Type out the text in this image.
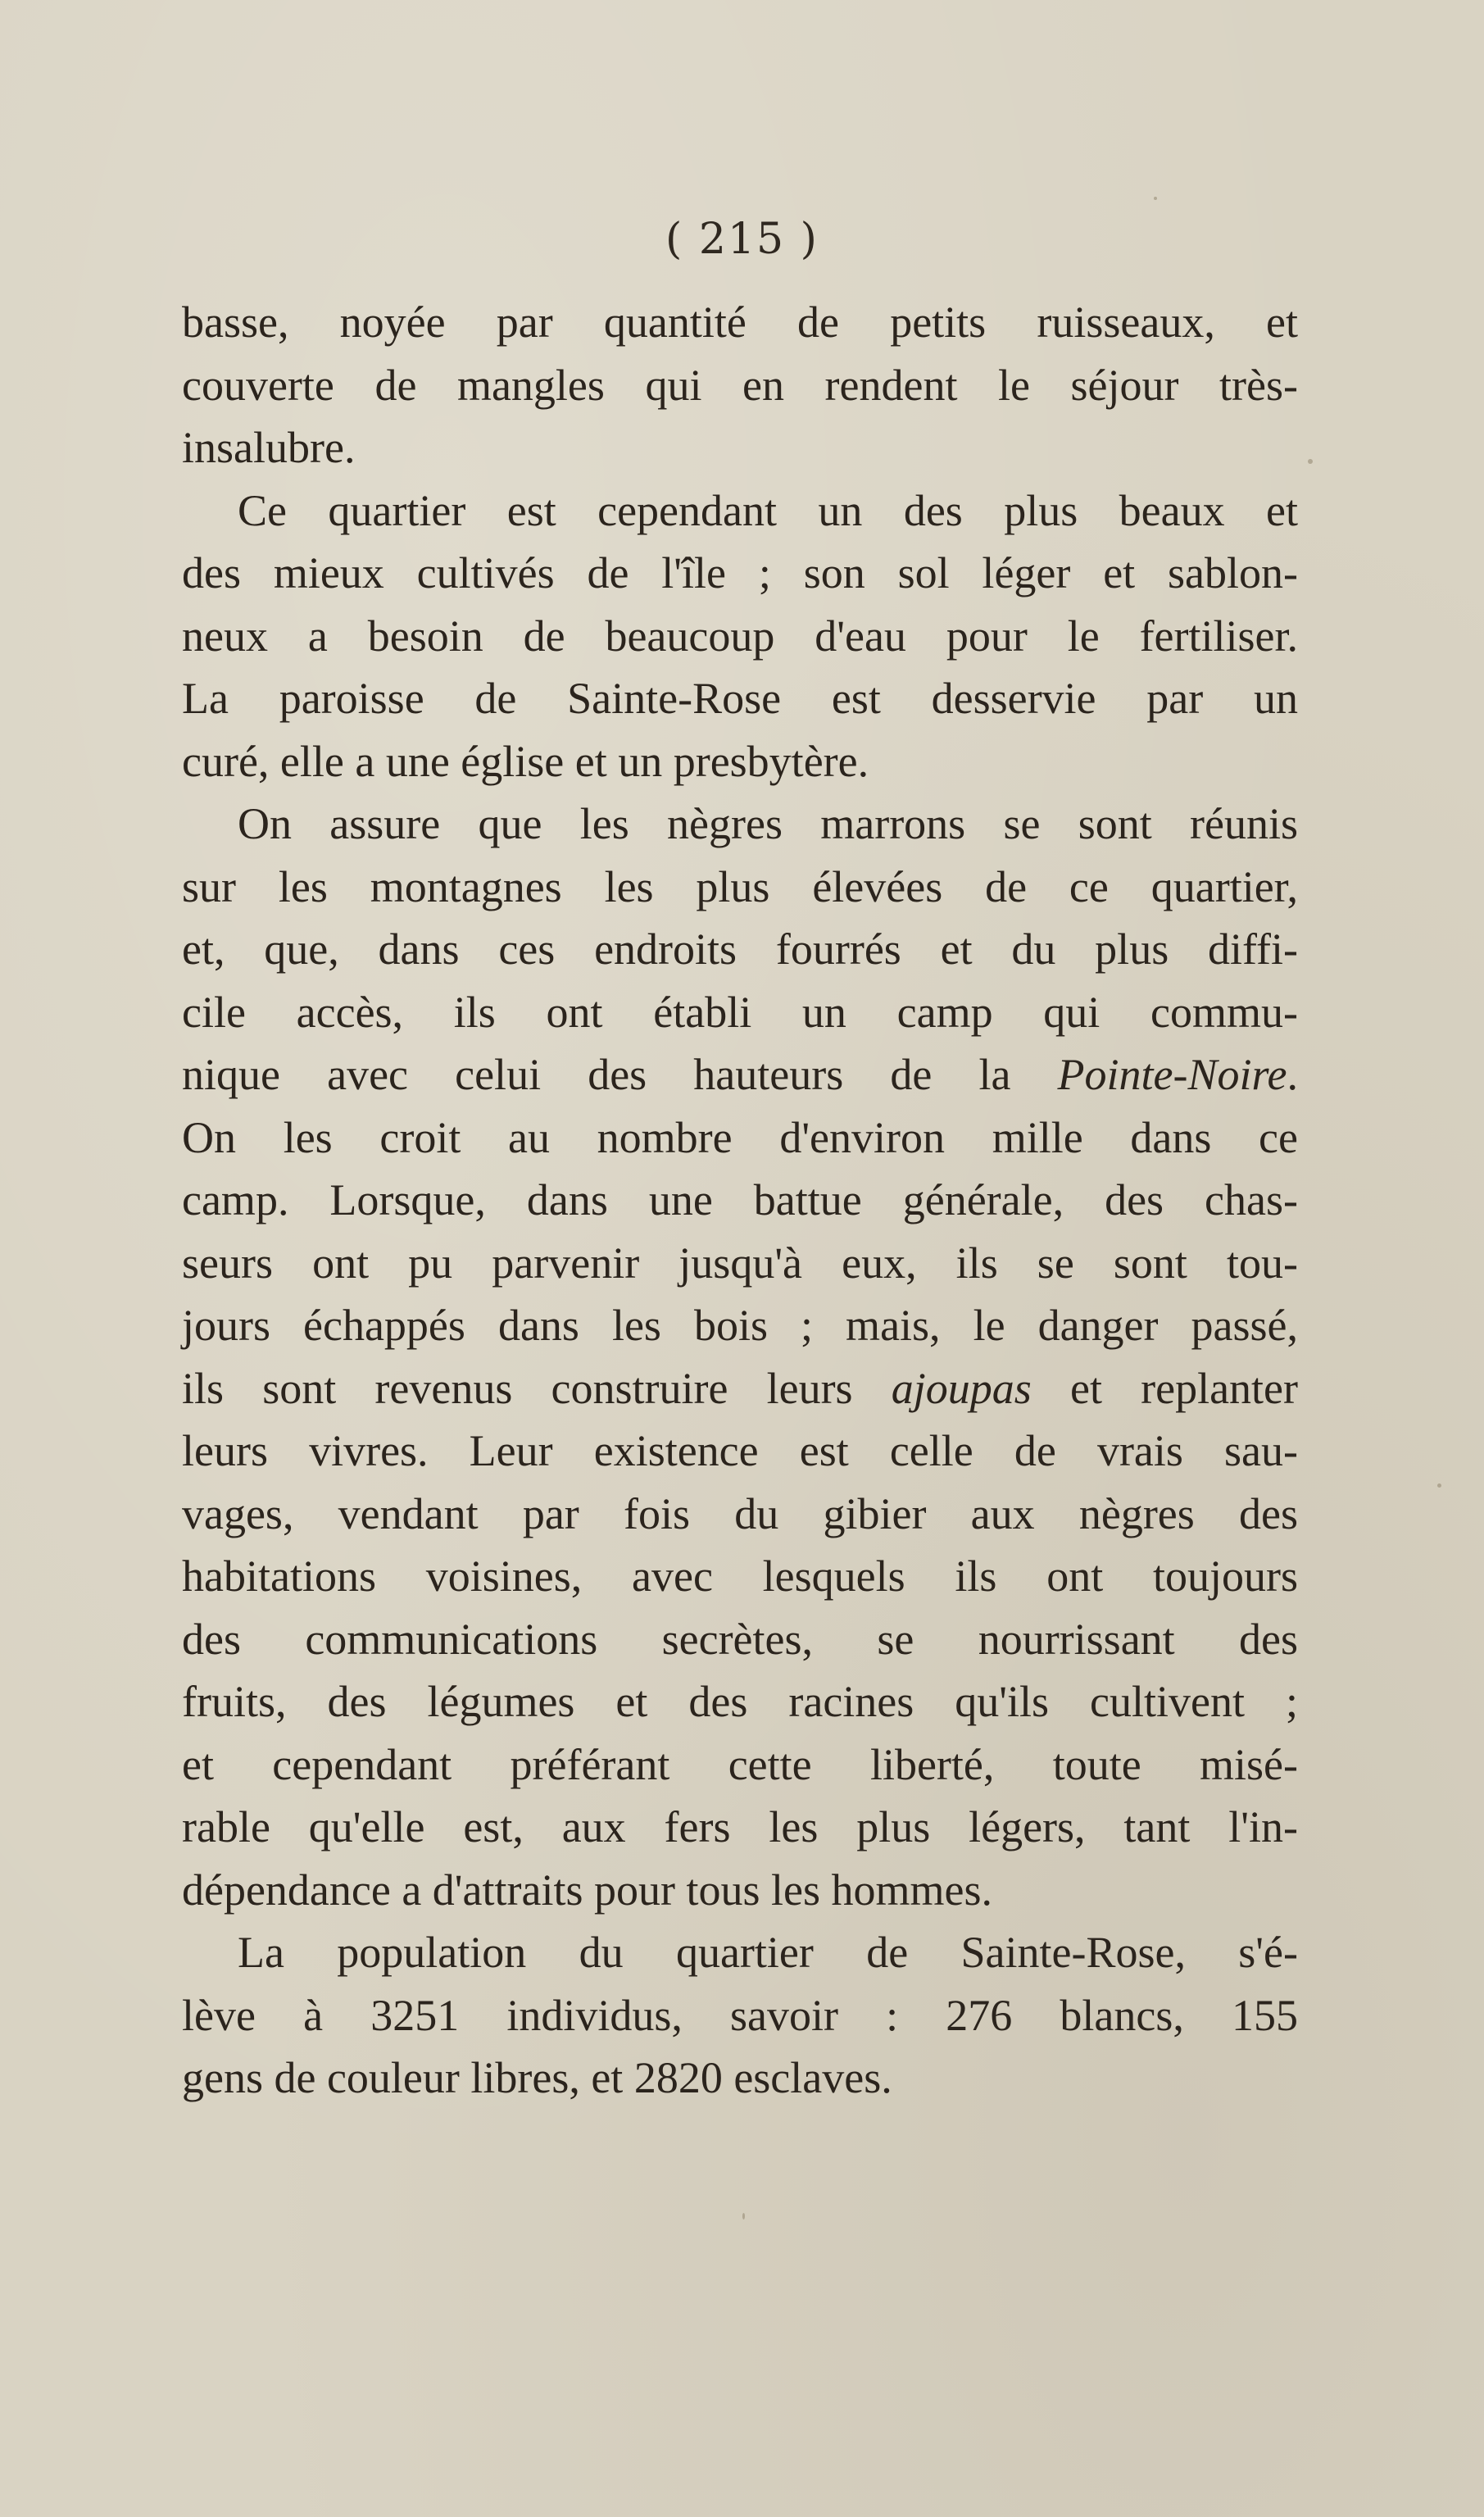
( 215 )
basse, noyée par quantité de petits ruisseaux, et
couverte de mangles qui en rendent le séjour très-
insalubre.
Ce quartier est cependant un des plus beaux et
des mieux cultivés de l'île ; son sol léger et sablon-
neux a besoin de beaucoup d'eau pour le fertiliser.
La paroisse de Sainte-Rose est desservie par un
curé, elle a une église et un presbytère.
On assure que les nègres marrons se sont réunis
sur les montagnes les plus élevées de ce quartier,
et, que, dans ces endroits fourrés et du plus diffi-
cile accès, ils ont établi un camp qui commu-
nique avec celui des hauteurs de la Pointe-Noire.
On les croit au nombre d'environ mille dans ce
camp. Lorsque, dans une battue générale, des chas-
seurs ont pu parvenir jusqu'à eux, ils se sont tou-
jours échappés dans les bois ; mais, le danger passé,
ils sont revenus construire leurs ajoupas et replanter
leurs vivres. Leur existence est celle de vrais sau-
vages, vendant par fois du gibier aux nègres des
habitations voisines, avec lesquels ils ont toujours
des communications secrètes, se nourrissant des
fruits, des légumes et des racines qu'ils cultivent ;
et cependant préférant cette liberté, toute misé-
rable qu'elle est, aux fers les plus légers, tant l'in-
dépendance a d'attraits pour tous les hommes.
La population du quartier de Sainte-Rose, s'é-
lève à 3251 individus, savoir : 276 blancs, 155
gens de couleur libres, et 2820 esclaves.
